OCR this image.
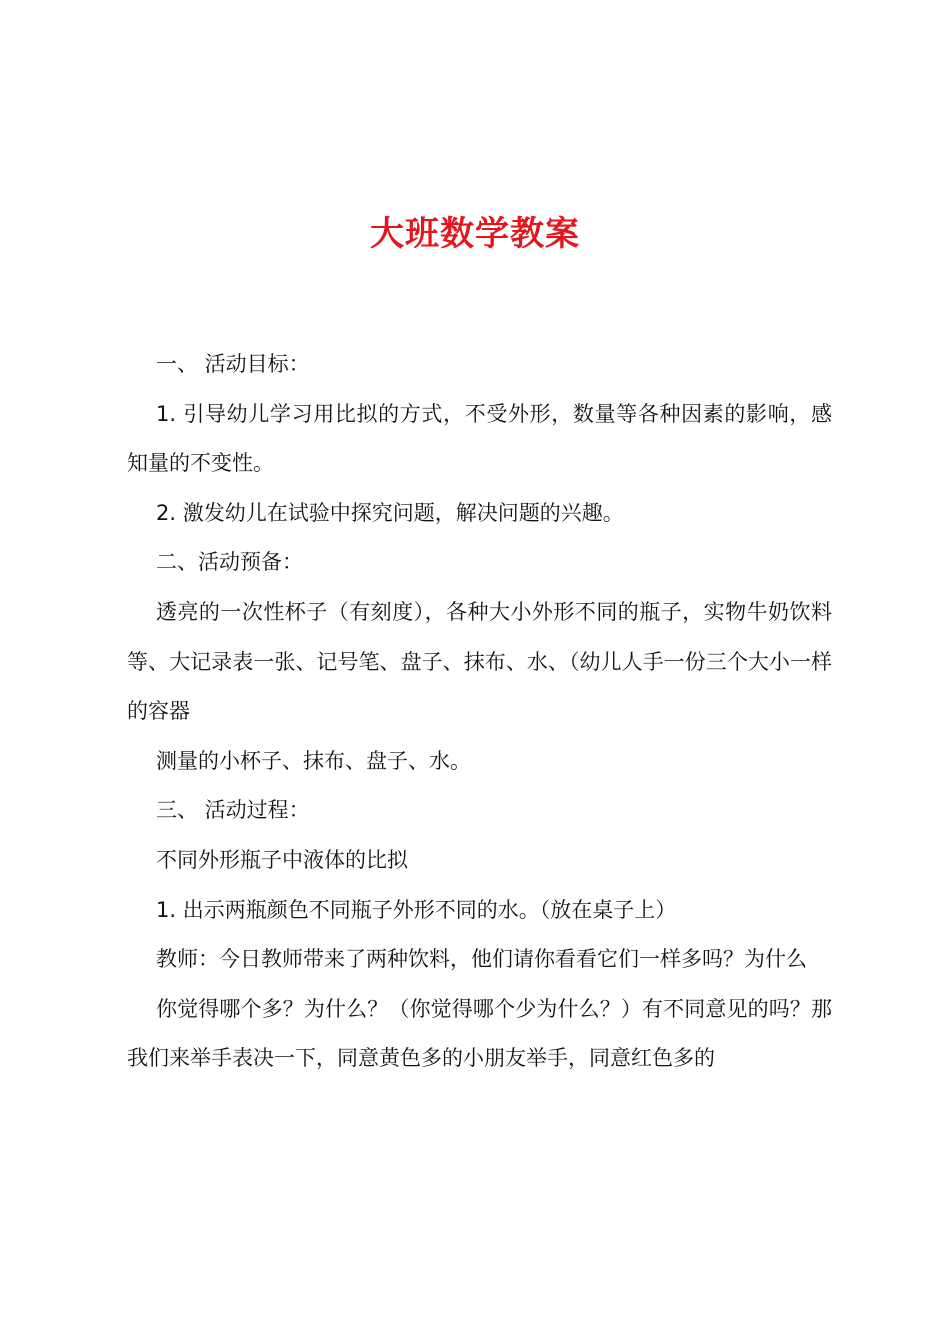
大班数学教案

一、 活动目标：

1. 引导幼儿学习用比拟的方式，不受外形，数量等各种因素的影响，感知量的不变性。

2. 激发幼儿在试验中探究问题，解决问题的兴趣。

二、活动预备：

透亮的一次性杯子（有刻度），各种大小外形不同的瓶子，实物牛奶饮料等、大记录表一张、记号笔、盘子、抹布、水、（幼儿人手一份三个大小一样的容器

测量的小杯子、抹布、盘子、水。

三、 活动过程：

不同外形瓶子中液体的比拟

1. 出示两瓶颜色不同瓶子外形不同的水。（放在桌子上）

教师：今日教师带来了两种饮料，他们请你看看它们一样多吗？为什么

你觉得哪个多？为什么？（你觉得哪个少为什么？）有不同意见的吗？那我们来举手表决一下，同意黄色多的小朋友举手，同意红色多的
